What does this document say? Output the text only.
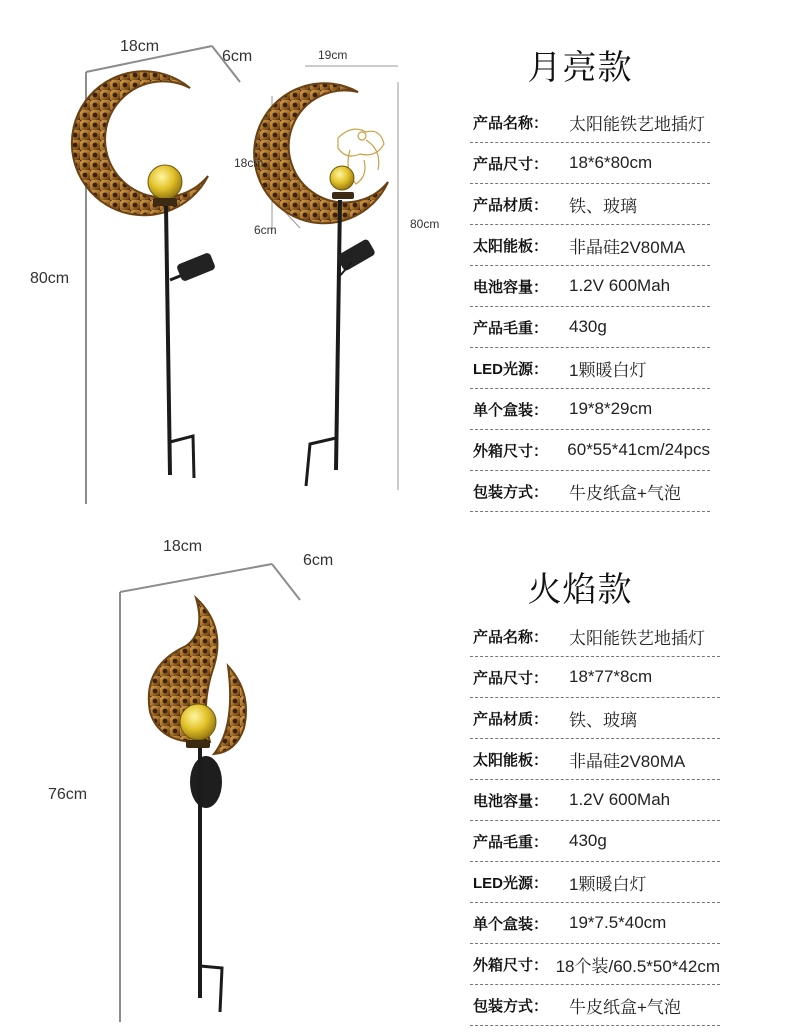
18cm
6cm
80cm
19cm
18cm
6cm	80cm
月亮款
产品名称：	太阳能铁艺地插灯
产品尺寸：	18*6*80cm
产品材质：	铁、玻璃
太阳能板：	非晶硅2V80MA
电池容量：	1.2V 600Mah
产品毛重：	430g
LED光源：	1颗暖白灯
单个盒装：	19*8*29cm
外箱尺寸：	60*55*41cm/24pcs
包装方式：	牛皮纸盒+气泡
18cm
6cm
76cm
火焰款
产品名称：	太阳能铁艺地插灯
产品尺寸：	18*77*8cm
产品材质：	铁、玻璃
太阳能板：	非晶硅2V80MA
电池容量：	1.2V 600Mah
产品毛重：	430g
LED光源：	1颗暖白灯
单个盒装：	19*7.5*40cm
外箱尺寸： 18个装/60.5*50*42cm
包装方式：	牛皮纸盒+气泡
